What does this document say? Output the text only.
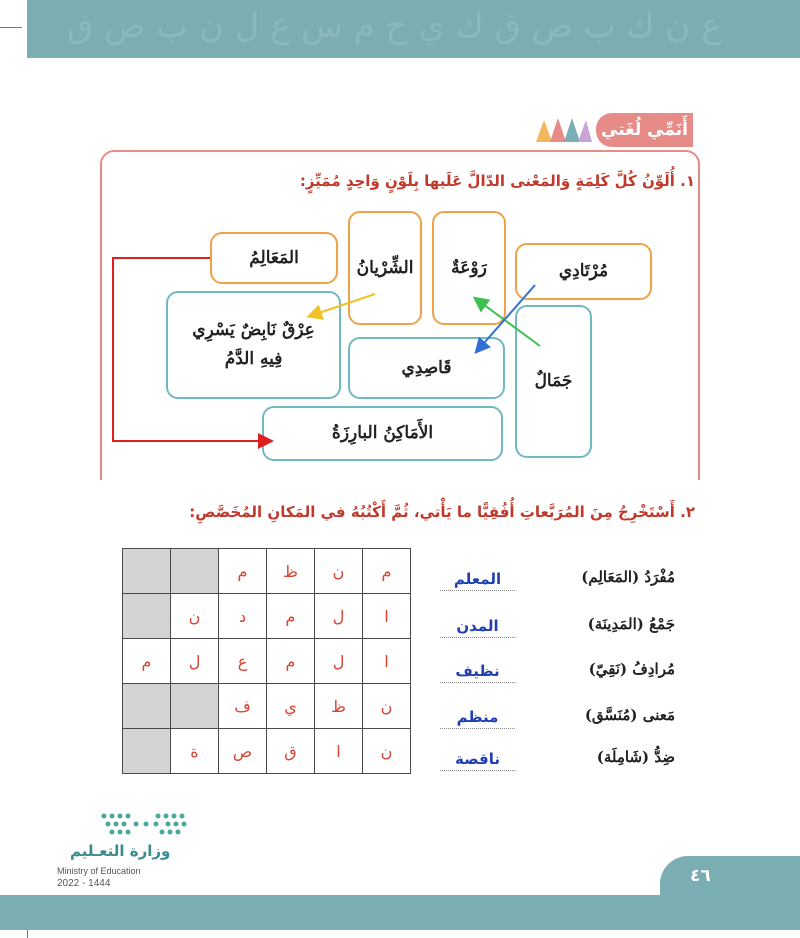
ﻉ ﻥ ﻙ ﺏ ﺹ ﻕ ﻙ ﻱ ﺡ ﻡ ﺱ ﻉ ﻝ ﻥ ﺏ ﺹ ﻕ
أَنَمِّي لُغَتي
١. أُلَوِّنُ كُلَّ كَلِمَةٍ وَالمَعْنى الدّالَّ عَلَيها بِلَوْنٍ وَاحِدٍ مُمَيِّزٍ:
مُرْتَادِي
رَوْعَةٌ
الشِّرْيانُ
المَعَالِمُ
جَمَالٌ
قَاصِدِي
عِرْقٌ نَابِضٌ يَسْرِي
فِيهِ الدَّمُ
الأَمَاكِنُ البارِزَةُ
٢. أَسْتَخْرِجُ مِنَ المُرَبَّعاتِ أُفُقِيًّا ما يَأْتي، ثُمَّ أَكْتُبُهُ في المَكانِ المُخَصَّصِ:
م	ن	ظ	م		
ا	ل	م	د	ن	
ا	ل	م	ع	ل	م
ن	ظ	ي	ف		
ن	ا	ق	ص	ة	
مُفْرَدُ (المَعَالِم)
المعلم
جَمْعُ (المَدِينَة)
المدن
مُرادِفُ (نَقِيّ)
نظيف
مَعنى (مُنَسَّق)
منظم
ضِدُّ (شَامِلَة)
ناقصة
وزارة التعـليم
Ministry of Education
2022 - 1444	٤٦
